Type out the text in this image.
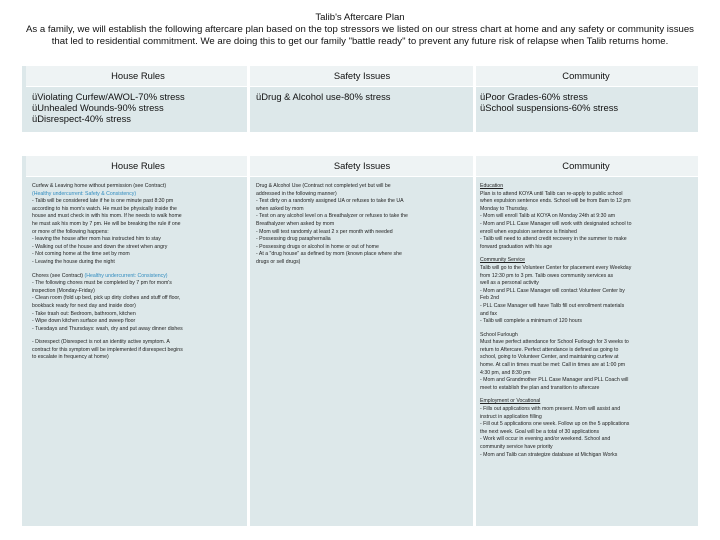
Talib's Aftercare Plan
As a family, we will establish the following aftercare plan based on the top stressors we listed on our stress chart at home and any safety or community issues that led to residential commitment. We are doing this to get our family "battle ready" to prevent any future risk of relapse when Talib returns home.
House Rules
üViolating Curfew/AWOL-70% stress
üUnhealed Wounds-90% stress
üDisrespect-40% stress
Safety Issues
üDrug & Alcohol use-80% stress
Community
üPoor Grades-60% stress
üSchool suspensions-60% stress
House Rules

Curfew & Leaving home without permission (see Contract)
(Healthy undercurrent: Safety & Consistency)
- Talib will be considered late if he is one minute past 8:30 pm
according to his mom's watch. He must be physically inside the
house and must check in with his mom. If he needs to walk home
he must ask his mom by 7 pm. He will be breaking the rule if one
or more of the following happens:
- leaving the house after mom has instructed him to stay
- Walking out of the house and down the street when angry
- Not coming home at the time set by mom
- Leaving the house during the night

Chores (see Contract) (Healthy undercurrent: Consistency)
- The following chores must be completed by 7 pm for mom's
inspection (Monday-Friday)
- Clean room (fold up bed, pick up dirty clothes and stuff off floor,
bookback ready for next day and inside door)
- Take trash out: Bedroom, bathroom, kitchen
- Wipe down kitchen surface and sweep floor
- Tuesdays and Thursdays: wash, dry and put away dinner dishes

- Disrespect (Disrespect is not an identity active symptom. A
contract for this symptom will be implemented if disrespect begins
to escalate in frequency at home)

Safety Issues

Drug & Alcohol Use (Contract not completed yet but will be
addressed in the following manner)
- Test dirty on a randomly assigned UA or refuses to take the UA
when asked by mom
- Test on any alcohol level on a Breathalyzer or refuses to take the
Breathalyzer when asked by mom
- Mom will test randomly at least 2 x per month with needed
- Possessing drug paraphernalia
- Possessing drugs or alcohol in home or out of home
- At a "drug house" as defined by mom (known place where she
drugs or sell drugs)

Community

Education
Plan is to attend KOYA until Talib can re-apply to public school
when expulsion sentence ends. School will be from 8am to 12 pm
Monday to Thursday.
- Mom will enroll Talib at KOYA on Monday 24th at 9:30 am
- Mom and PLL Case Manager will work with designated school to
enroll when expulsion sentence is finished
- Talib will need to attend credit recovery in the summer to make
forward graduation with his age

Community Service
Talib will go to the Volunteer Center for placement every Weekday
from 12:30 pm to 3 pm. Talib owes community services as
well as a personal activity
- Mom and PLL Case Manager will contact Volunteer Center by
Feb 2nd
- PLL Case Manager will have Talib fill out enrollment materials
and fax
- Talib will complete a minimum of 120 hours

School Furlough
Must have perfect attendance for School Furlough for 3 weeks to
return to Aftercare. Perfect attendance is defined as going to
school, going to Volunteer Center, and maintaining curfew at
home. At call in times must be met: Call in times are at 1:00 pm
4:30 pm, and 8:30 pm
- Mom and Grandmother PLL Case Manager and PLL Coach will
meet to establish the plan and transition to aftercare

Employment or Vocational
- Fills out applications with mom present. Mom will assist and
instruct in application filling
- Fill out 5 applications one week. Follow up on the 5 applications
the next week. Goal will be a total of 30 applications
- Work will occur in evening and/or weekend. School and
community service have priority
- Mom and Talib can strategize database at Michigan Works
